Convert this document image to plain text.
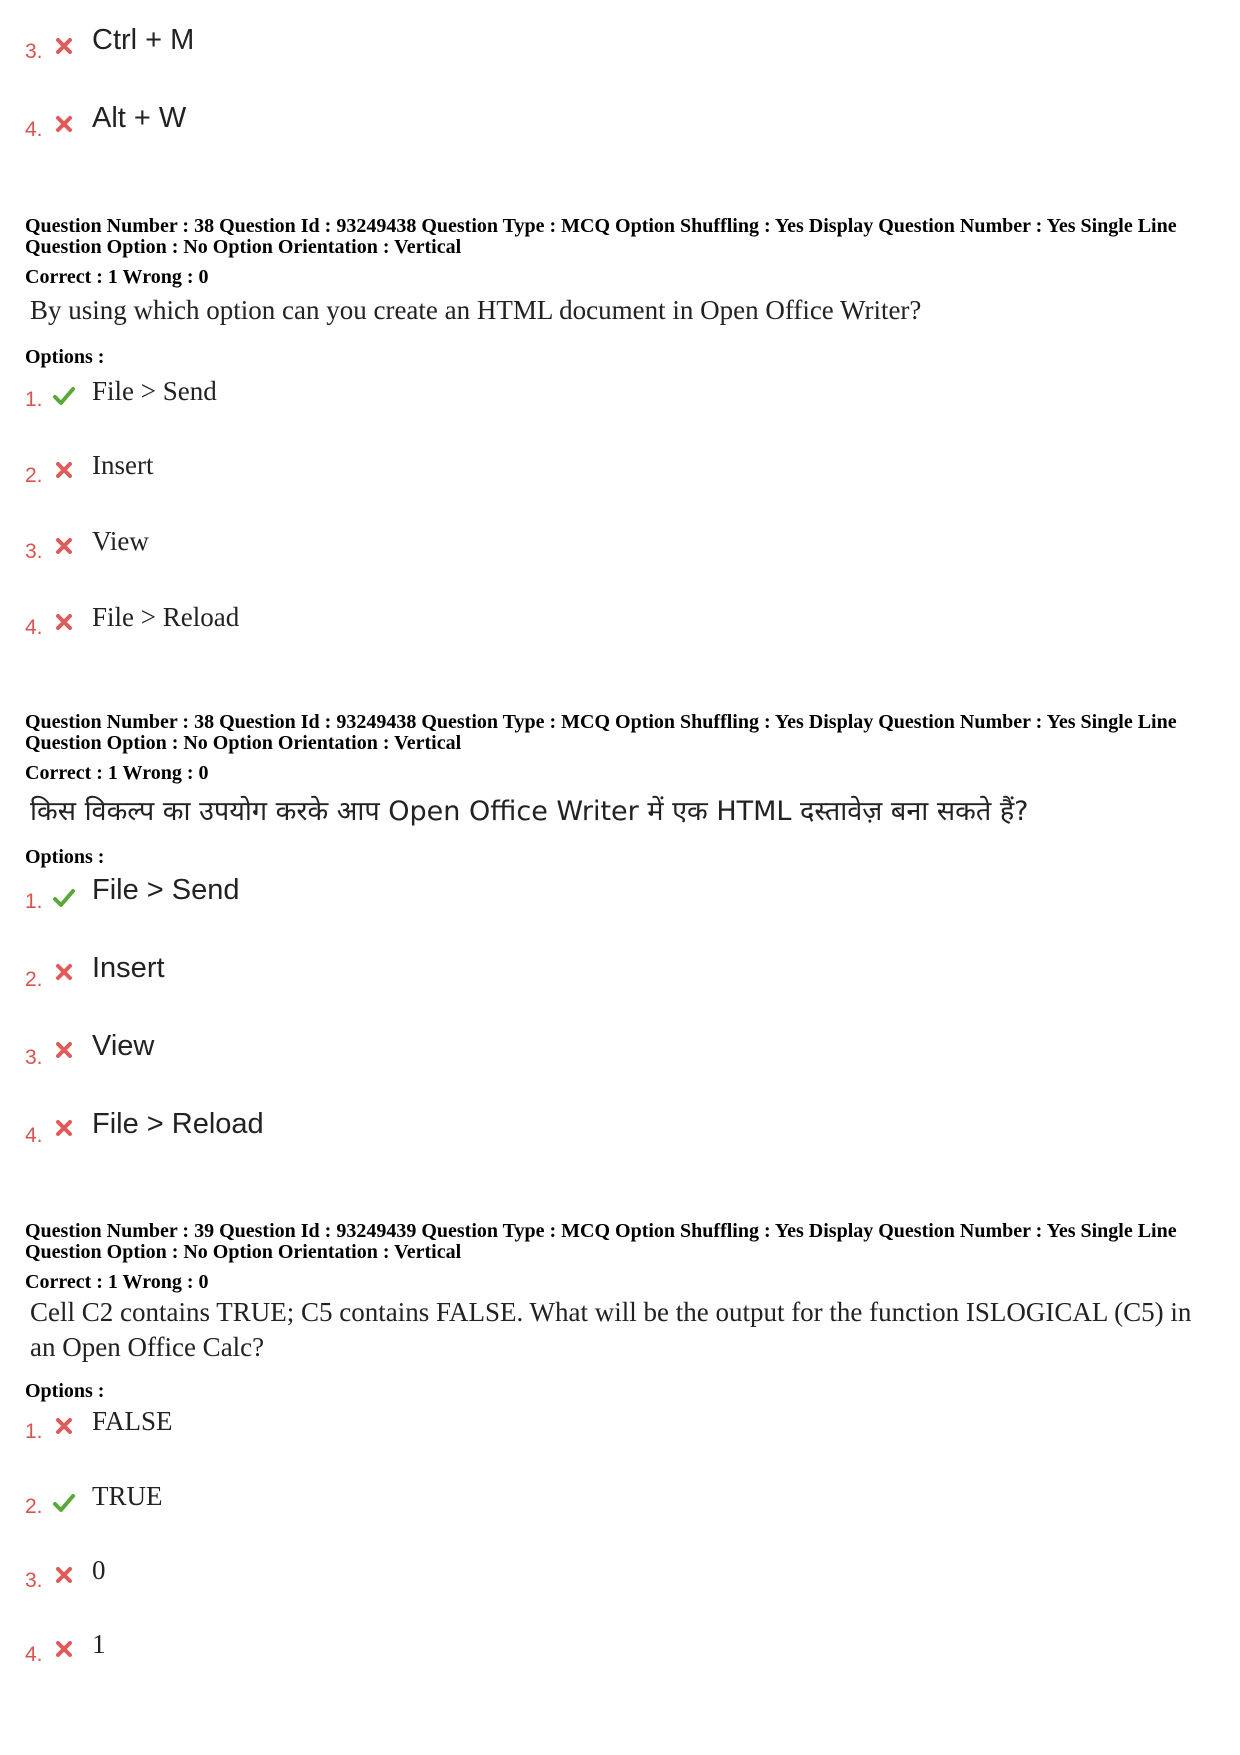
3. Ctrl + M
4. Alt + W
Question Number : 38 Question Id : 93249438 Question Type : MCQ Option Shuffling : Yes Display Question Number : Yes Single Line Question Option : No Option Orientation : Vertical
Correct : 1 Wrong : 0
By using which option can you create an HTML document in Open Office Writer?
Options :
1. File > Send
2. Insert
3. View
4. File > Reload
Question Number : 38 Question Id : 93249438 Question Type : MCQ Option Shuffling : Yes Display Question Number : Yes Single Line Question Option : No Option Orientation : Vertical
Correct : 1 Wrong : 0
किस विकल्प का उपयोग करके आप Open Office Writer में एक HTML दस्तावेज़ बना सकते हैं?
Options :
1. File > Send
2. Insert
3. View
4. File > Reload
Question Number : 39 Question Id : 93249439 Question Type : MCQ Option Shuffling : Yes Display Question Number : Yes Single Line Question Option : No Option Orientation : Vertical
Correct : 1 Wrong : 0
Cell C2 contains TRUE; C5 contains FALSE. What will be the output for the function ISLOGICAL (C5) in an Open Office Calc?
Options :
1. FALSE
2. TRUE
3. 0
4. 1
